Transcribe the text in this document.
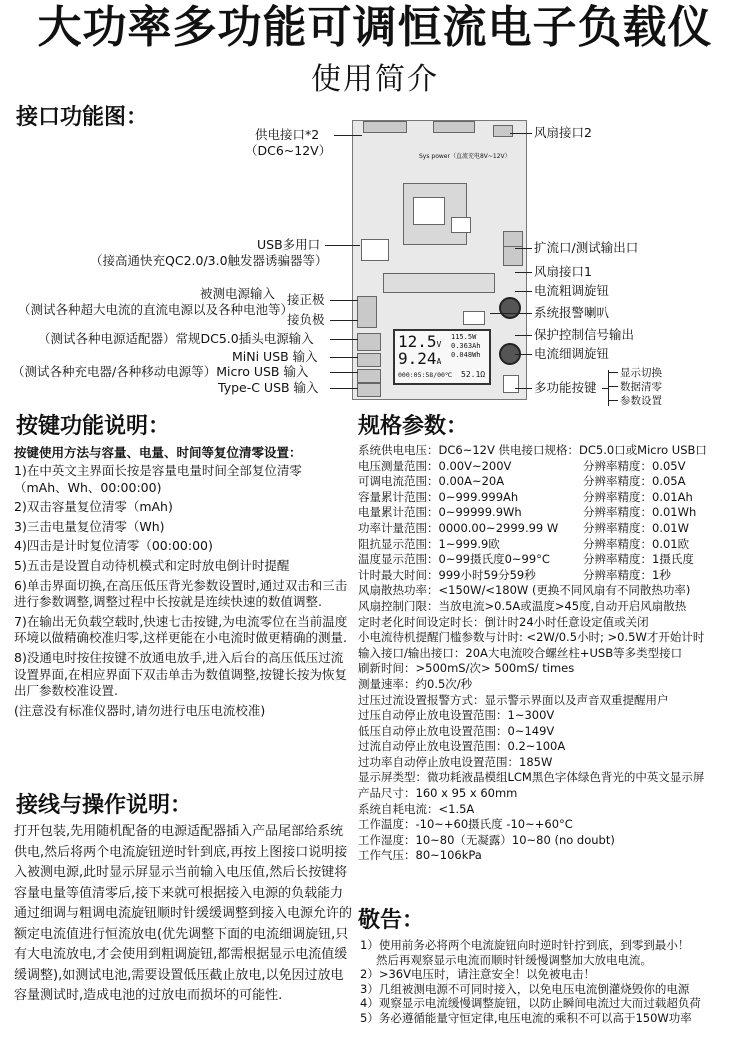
大功率多功能可调恒流电子负载仪
使用简介
接口功能图：
Sys power（直流充电8V~12V）
12.5V
9.24A
115.5W
0.363Ah
0.048Wh
000:05:58/00℃ 52.1Ω
供电接口*2
（DC6~12V）
USB多用口
（接高通快充QC2.0/3.0触发器诱骗器等）
被测电源输入
（测试各种超大电流的直流电源以及各种电池等）
接正极
接负极
（测试各种电源适配器）常规DC5.0插头电源输入
MiNi USB 输入
（测试各种充电器/各种移动电源等）Micro USB 输入
Type-C USB 输入
风扇接口2
扩流口/测试输出口
风扇接口1
电流粗调旋钮
系统报警喇叭
保护控制信号输出
电流细调旋钮
多功能按键
显示切换
数据清零
参数设置
按键功能说明：
按键使用方法与容量、电量、时间等复位清零设置：

1)在中英文主界面长按是容量电量时间全部复位清零（mAh、Wh、00:00:00)

2)双击容量复位清零（mAh)

3)三击电量复位清零（Wh)

4)四击是计时复位清零（00:00:00)

5)五击是设置自动待机模式和定时放电倒计时提醒

6)单击界面切换,在高压低压背光参数设置时,通过双击和三击进行参数调整,调整过程中长按就是连续快速的数值调整.

7)在输出无负载空载时,快速七击按键,为电流零位在当前温度环境以做精确校准归零,这样更能在小电流时做更精确的测量.

8)没通电时按住按键不放通电放手,进入后台的高压低压过流设置界面,在相应界面下双击单击为数值调整,按键长按为恢复出厂参数校准设置.

(注意没有标准仪器时,请勿进行电压电流校准)

接线与操作说明：
打开包装,先用随机配备的电源适配器插入产品尾部给系统供电,然后将两个电流旋钮逆时针到底,再按上图接口说明接入被测电源,此时显示屏显示当前输入电压值,然后长按键将容量电量等值清零后,接下来就可根据接入电源的负载能力通过细调与粗调电流旋钮顺时针缓缓调整到接入电源允许的额定电流值进行恒流放电(优先调整下面的电流细调旋钮,只有大电流放电,才会使用到粗调旋钮,都需根据显示电流值缓缓调整),如测试电池,需要设置低压截止放电,以免因过放电容量测试时,造成电池的过放电而损坏的可能性.
规格参数：
系统供电电压：DC6~12V 供电接口规格：DC5.0口或Micro USB口
电压测量范围：0.00V~200V	分辨率精度：0.05V
可调电流范围：0.00A~20A	分辨率精度：0.05A
容量累计范围：0~999.999Ah	分辨率精度：0.01Ah
电量累计范围：0~99999.9Wh	分辨率精度：0.01Wh
功率计量范围：0000.00~2999.99 W 分辨率精度：0.01W
阻抗显示范围：1~999.9欧	分辨率精度：0.01欧
温度显示范围：0~99摄氏度0~99°C	分辨率精度：1摄氏度
计时最大时间：999小时59分59秒	分辨率精度：1秒
风扇散热功率：<150W/<180W (更换不同风扇有不同散热功率)
风扇控制门限：当放电流>0.5A或温度>45度,自动开启风扇散热
定时老化时间设定时长：倒计时24小时任意设定值或关闭
小电流待机提醒门槛参数与计时: <2W/0.5小时; >0.5W才开始计时
输入接口/输出接口：20A大电流咬合螺丝柱+USB等多类型接口
刷新时间：>500mS/次> 500mS/ times
测量速率：约0.5次/秒
过压过流设置报警方式：显示警示界面以及声音双重提醒用户
过压自动停止放电设置范围：1~300V
低压自动停止放电设置范围：0~149V
过流自动停止放电设置范围：0.2~100A
过功率自动停止放电设置范围：185W
显示屏类型：微功耗液晶模组LCM黑色字体绿色背光的中英文显示屏
产品尺寸：160 x 95 x 60mm
系统自耗电流：<1.5A
工作温度：-10~+60摄氏度 -10~+60°C
工作湿度：10~80（无凝露）10~80 (no doubt)
工作气压：80~106kPa
敬告：
1）使用前务必将两个电流旋钮向时逆时针拧到底，到零到最小！
然后再观察显示电流而顺时针缓慢调整加大放电电流。
2）>36V电压时，请注意安全！以免被电击！
3）几组被测电源不可同时接入，以免电压电流倒灌烧毁你的电源
4）观察显示电流缓慢调整旋钮，以防止瞬间电流过大而过载超负荷
5）务必遵循能量守恒定律,电压电流的乘积不可以高于150W功率
